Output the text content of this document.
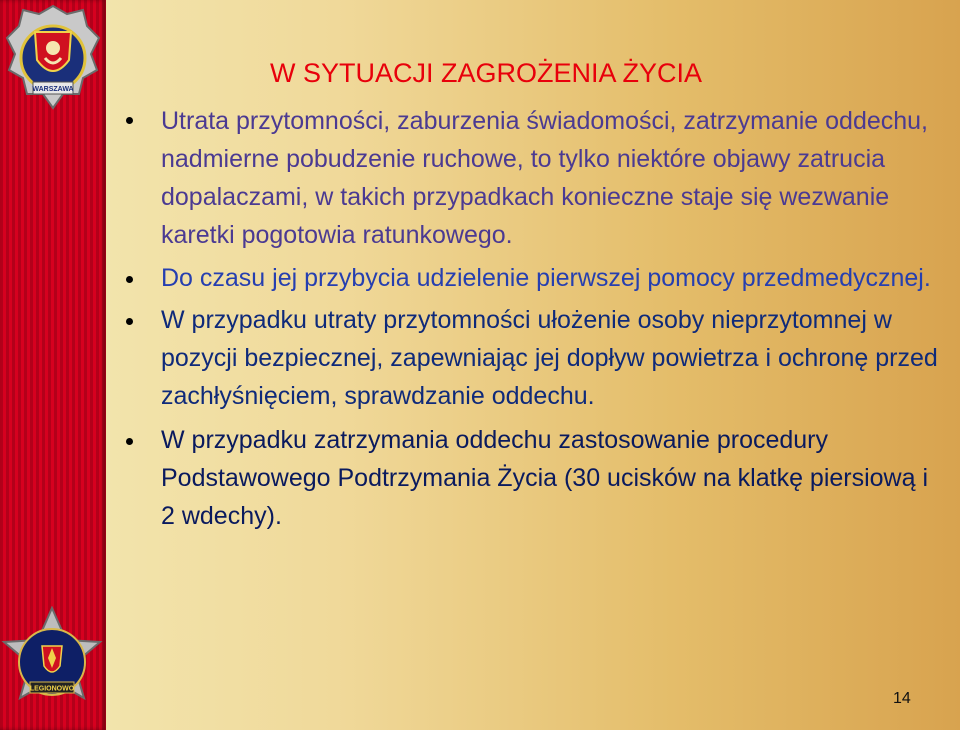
WARSZAWA
LEGIONOWO
W SYTUACJI ZAGROŻENIA ŻYCIA

Utrata przytomności, zaburzenia świadomości, zatrzymanie oddechu, nadmierne pobudzenie ruchowe, to tylko niektóre objawy zatrucia dopalaczami, w takich przypadkach konieczne staje się wezwanie karetki pogotowia ratunkowego.

Do czasu jej przybycia udzielenie pierwszej pomocy przedmedycznej.

W przypadku utraty przytomności ułożenie osoby nieprzytomnej w pozycji bezpiecznej, zapewniając jej dopływ powietrza i ochronę przed zachłyśnięciem, sprawdzanie oddechu.

W przypadku zatrzymania oddechu zastosowanie procedury Podstawowego Podtrzymania Życia (30 ucisków na klatkę piersiową i 2 wdechy).

14
